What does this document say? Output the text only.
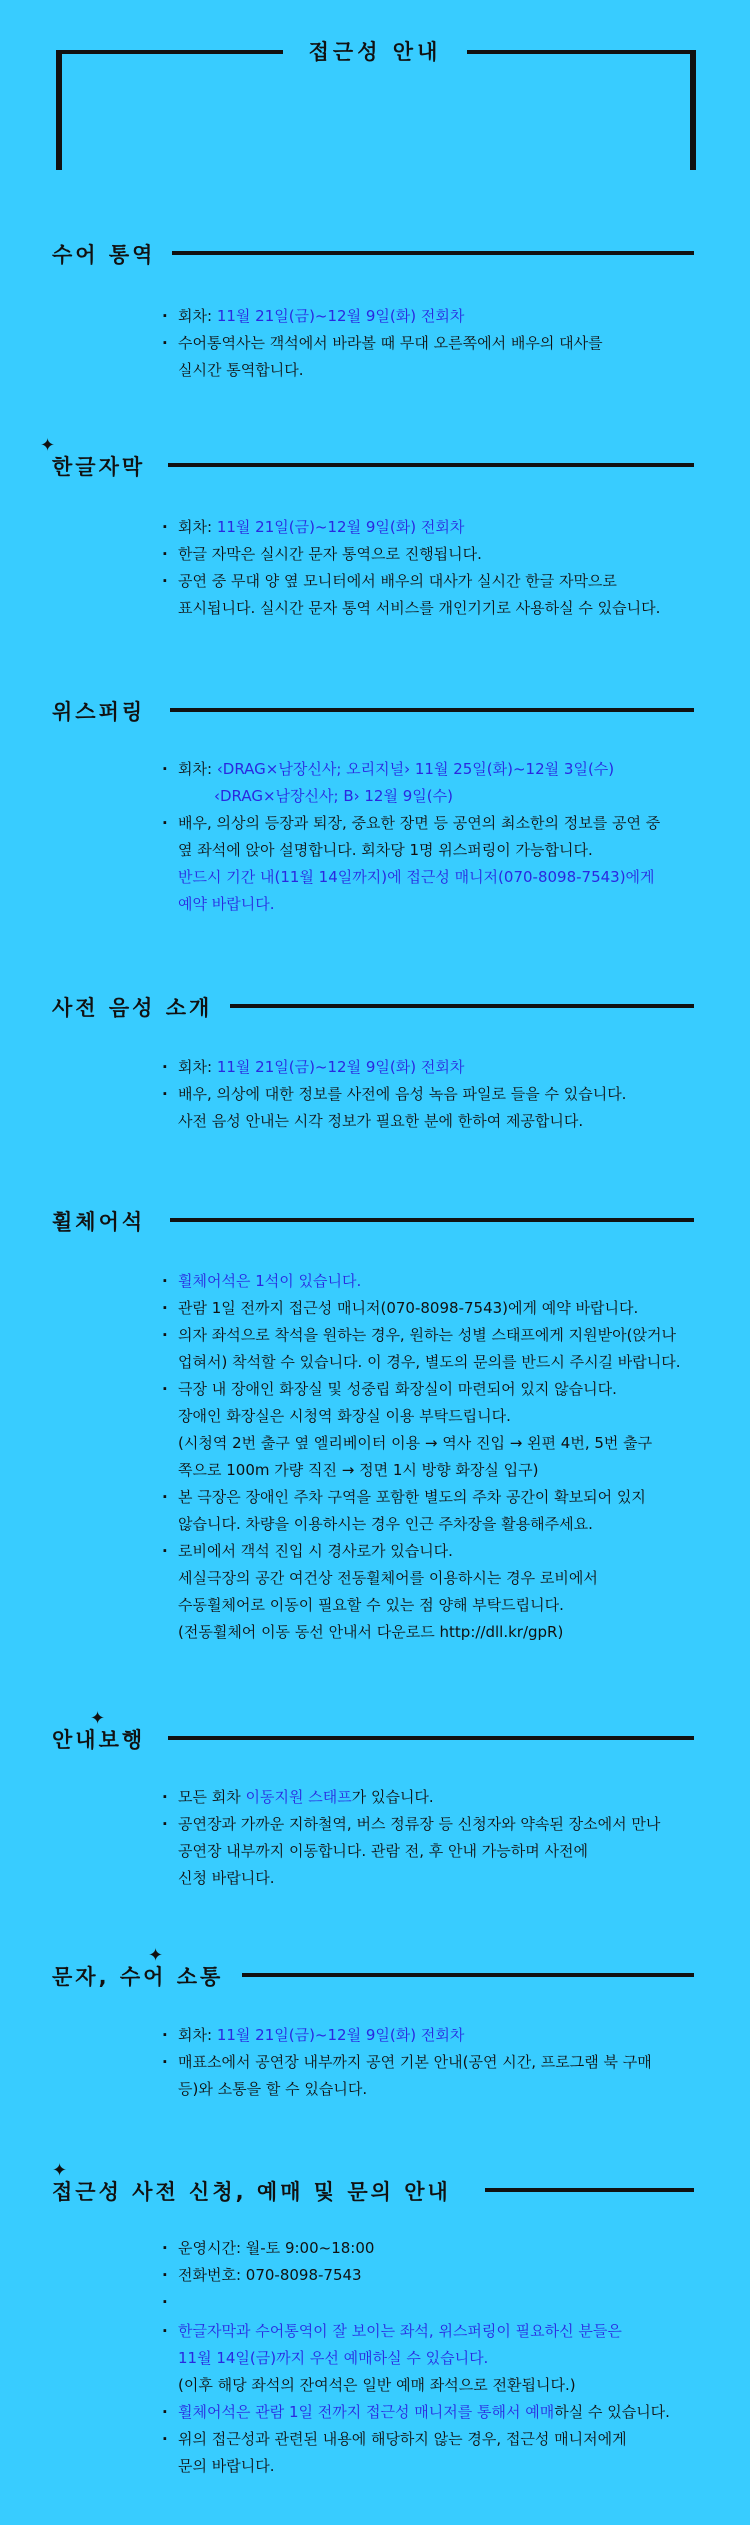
접근성 안내
수어 통역
· 회차: 11월 21일(금)~12월 9일(화) 전회차
· 수어통역사는 객석에서 바라볼 때 무대 오른쪽에서 배우의 대사를
실시간 통역합니다.
✦
한글자막
· 회차: 11월 21일(금)~12월 9일(화) 전회차
· 한글 자막은 실시간 문자 통역으로 진행됩니다.
· 공연 중 무대 양 옆 모니터에서 배우의 대사가 실시간 한글 자막으로
표시됩니다. 실시간 문자 통역 서비스를 개인기기로 사용하실 수 있습니다.
위스퍼링
· 회차: ‹DRAG×남장신사; 오리지널› 11월 25일(화)~12월 3일(수)
‹DRAG×남장신사; B› 12월 9일(수)
· 배우, 의상의 등장과 퇴장, 중요한 장면 등 공연의 최소한의 정보를 공연 중
옆 좌석에 앉아 설명합니다. 회차당 1명 위스퍼링이 가능합니다.
반드시 기간 내(11월 14일까지)에 접근성 매니저(070-8098-7543)에게
예약 바랍니다.
사전 음성 소개
· 회차: 11월 21일(금)~12월 9일(화) 전회차
· 배우, 의상에 대한 정보를 사전에 음성 녹음 파일로 들을 수 있습니다.
사전 음성 안내는 시각 정보가 필요한 분에 한하여 제공합니다.
휠체어석
· 휠체어석은 1석이 있습니다.
· 관람 1일 전까지 접근성 매니저(070-8098-7543)에게 예약 바랍니다.
· 의자 좌석으로 착석을 원하는 경우, 원하는 성별 스태프에게 지원받아(앉거나
업혀서) 착석할 수 있습니다. 이 경우, 별도의 문의를 반드시 주시길 바랍니다.
· 극장 내 장애인 화장실 및 성중립 화장실이 마련되어 있지 않습니다.
장애인 화장실은 시청역 화장실 이용 부탁드립니다.
(시청역 2번 출구 옆 엘리베이터 이용 → 역사 진입 → 왼편 4번, 5번 출구
쪽으로 100m 가량 직진 → 정면 1시 방향 화장실 입구)
· 본 극장은 장애인 주차 구역을 포함한 별도의 주차 공간이 확보되어 있지
않습니다. 차량을 이용하시는 경우 인근 주차장을 활용해주세요.
· 로비에서 객석 진입 시 경사로가 있습니다.
세실극장의 공간 여건상 전동휠체어를 이용하시는 경우 로비에서
수동휠체어로 이동이 필요할 수 있는 점 양해 부탁드립니다.
(전동휠체어 이동 동선 안내서 다운로드 http://dll.kr/gpR)
✦
안내보행
· 모든 회차 이동지원 스태프가 있습니다.
· 공연장과 가까운 지하철역, 버스 정류장 등 신청자와 약속된 장소에서 만나
공연장 내부까지 이동합니다. 관람 전, 후 안내 가능하며 사전에
신청 바랍니다.
✦
문자, 수어 소통
· 회차: 11월 21일(금)~12월 9일(화) 전회차
· 매표소에서 공연장 내부까지 공연 기본 안내(공연 시간, 프로그램 북 구매
등)와 소통을 할 수 있습니다.
✦
접근성 사전 신청, 예매 및 문의 안내
· 운영시간: 월-토 9:00~18:00
· 전화번호: 070-8098-7543
·
· 한글자막과 수어통역이 잘 보이는 좌석, 위스퍼링이 필요하신 분들은
11월 14일(금)까지 우선 예매하실 수 있습니다.
(이후 해당 좌석의 잔여석은 일반 예매 좌석으로 전환됩니다.)
· 휠체어석은 관람 1일 전까지 접근성 매니저를 통해서 예매하실 수 있습니다.
· 위의 접근성과 관련된 내용에 해당하지 않는 경우, 접근성 매니저에게
문의 바랍니다.
